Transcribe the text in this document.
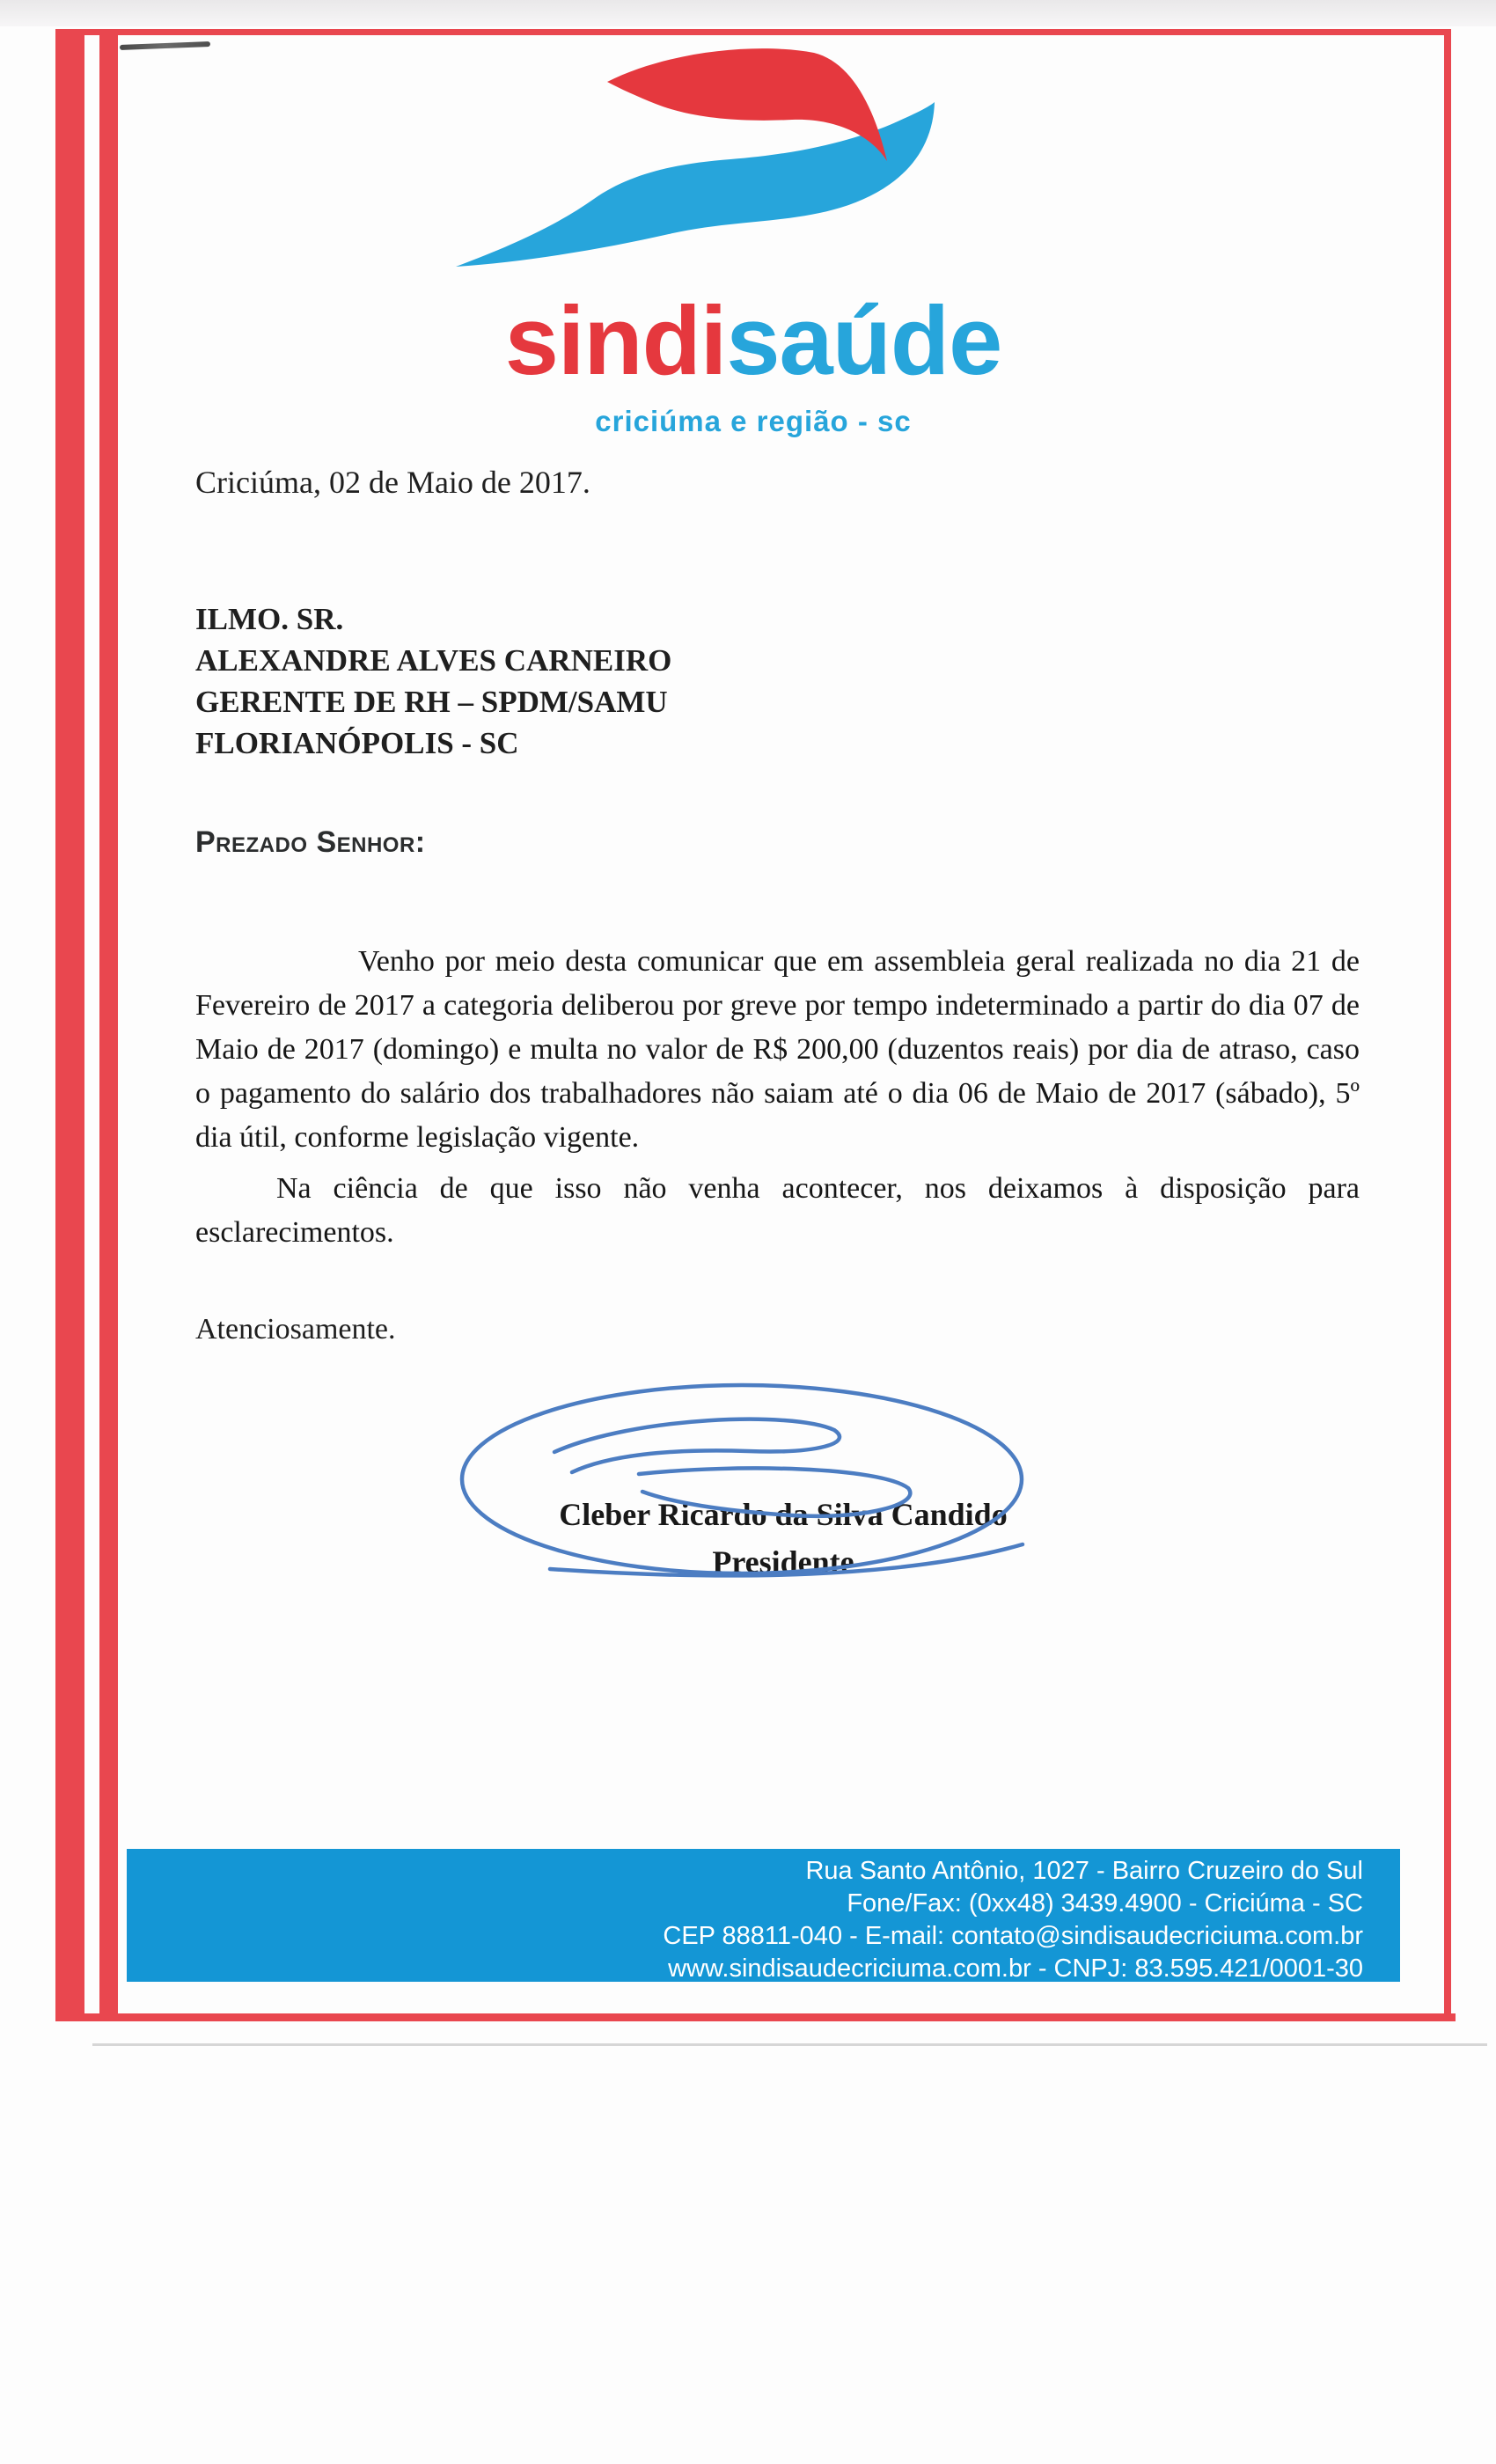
sindisaúde
criciúma e região - sc
Criciúma, 02 de Maio de 2017.
ILMO. SR.
ALEXANDRE ALVES CARNEIRO
GERENTE DE RH – SPDM/SAMU
FLORIANÓPOLIS - SC
Prezado Senhor:
Venho por meio desta comunicar que em assembleia geral realizada no dia 21 de Fevereiro de 2017 a categoria deliberou por greve por tempo indeterminado a partir do dia 07 de Maio de 2017 (domingo) e multa no valor de R$ 200,00 (duzentos reais) por dia de atraso, caso o pagamento do salário dos trabalhadores não saiam até o dia 06 de Maio de 2017 (sábado), 5º dia útil, conforme legislação vigente.
Na ciência de que isso não venha acontecer, nos deixamos à disposição para esclarecimentos.
Atenciosamente.
Cleber Ricardo da Silva Candido
Presidente
Rua Santo Antônio, 1027 - Bairro Cruzeiro do Sul
Fone/Fax: (0xx48) 3439.4900 - Criciúma - SC
CEP 88811-040 - E-mail: contato@sindisaudecriciuma.com.br
www.sindisaudecriciuma.com.br - CNPJ: 83.595.421/0001-30
